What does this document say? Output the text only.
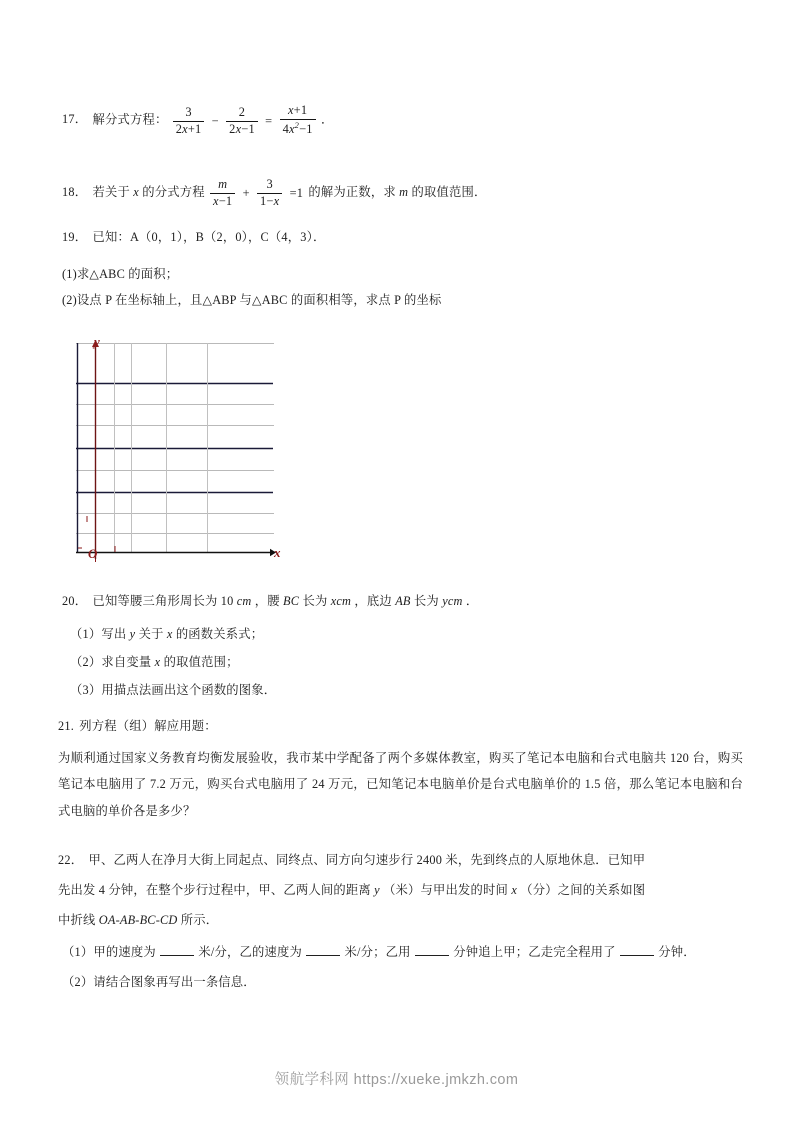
17． 解分式方程： $\frac{3}{2x+1} - \frac{2}{2x-1} = \frac{x+1}{4x^2-1}$ ．
18． 若关于 x 的分式方程 $\frac{m}{x-1} + \frac{3}{1-x} =1$ 的解为正数，求 m 的取值范围．
19． 已知：A（0，1），B（2，0），C（4，3）．
(1)求△ABC 的面积；
(2)设点 P 在坐标轴上，且△ABP 与△ABC 的面积相等，求点 P 的坐标
y
O	x
20． 已知等腰三角形周长为 10 cm ，腰 BC 长为 xcm ，底边 AB 长为 ycm ．
（1）写出 y 关于 x 的函数关系式；
（2）求自变量 x 的取值范围；
（3）用描点法画出这个函数的图象．
21. 列方程（组）解应用题：
为顺利通过国家义务教育均衡发展验收，我市某中学配备了两个多媒体教室，购买了笔记本电脑和台式电脑共 120 台，购买笔记本电脑用了 7.2 万元，购买台式电脑用了 24 万元，已知笔记本电脑单价是台式电脑单价的 1.5 倍，那么笔记本电脑和台式电脑的单价各是多少？
22． 甲、乙两人在净月大街上同起点、同终点、同方向匀速步行 2400 米，先到终点的人原地休息．已知甲
先出发 4 分钟，在整个步行过程中，甲、乙两人间的距离 y （米）与甲出发的时间 x （分）之间的关系如图
中折线 OA‑AB‑BC‑CD 所示．
（1）甲的速度为	米/分，乙的速度为	米/分；乙用	分钟追上甲；乙走完全程用了	分钟．
（2）请结合图象再写出一条信息．
领航学科网 https://xueke.jmkzh.com
